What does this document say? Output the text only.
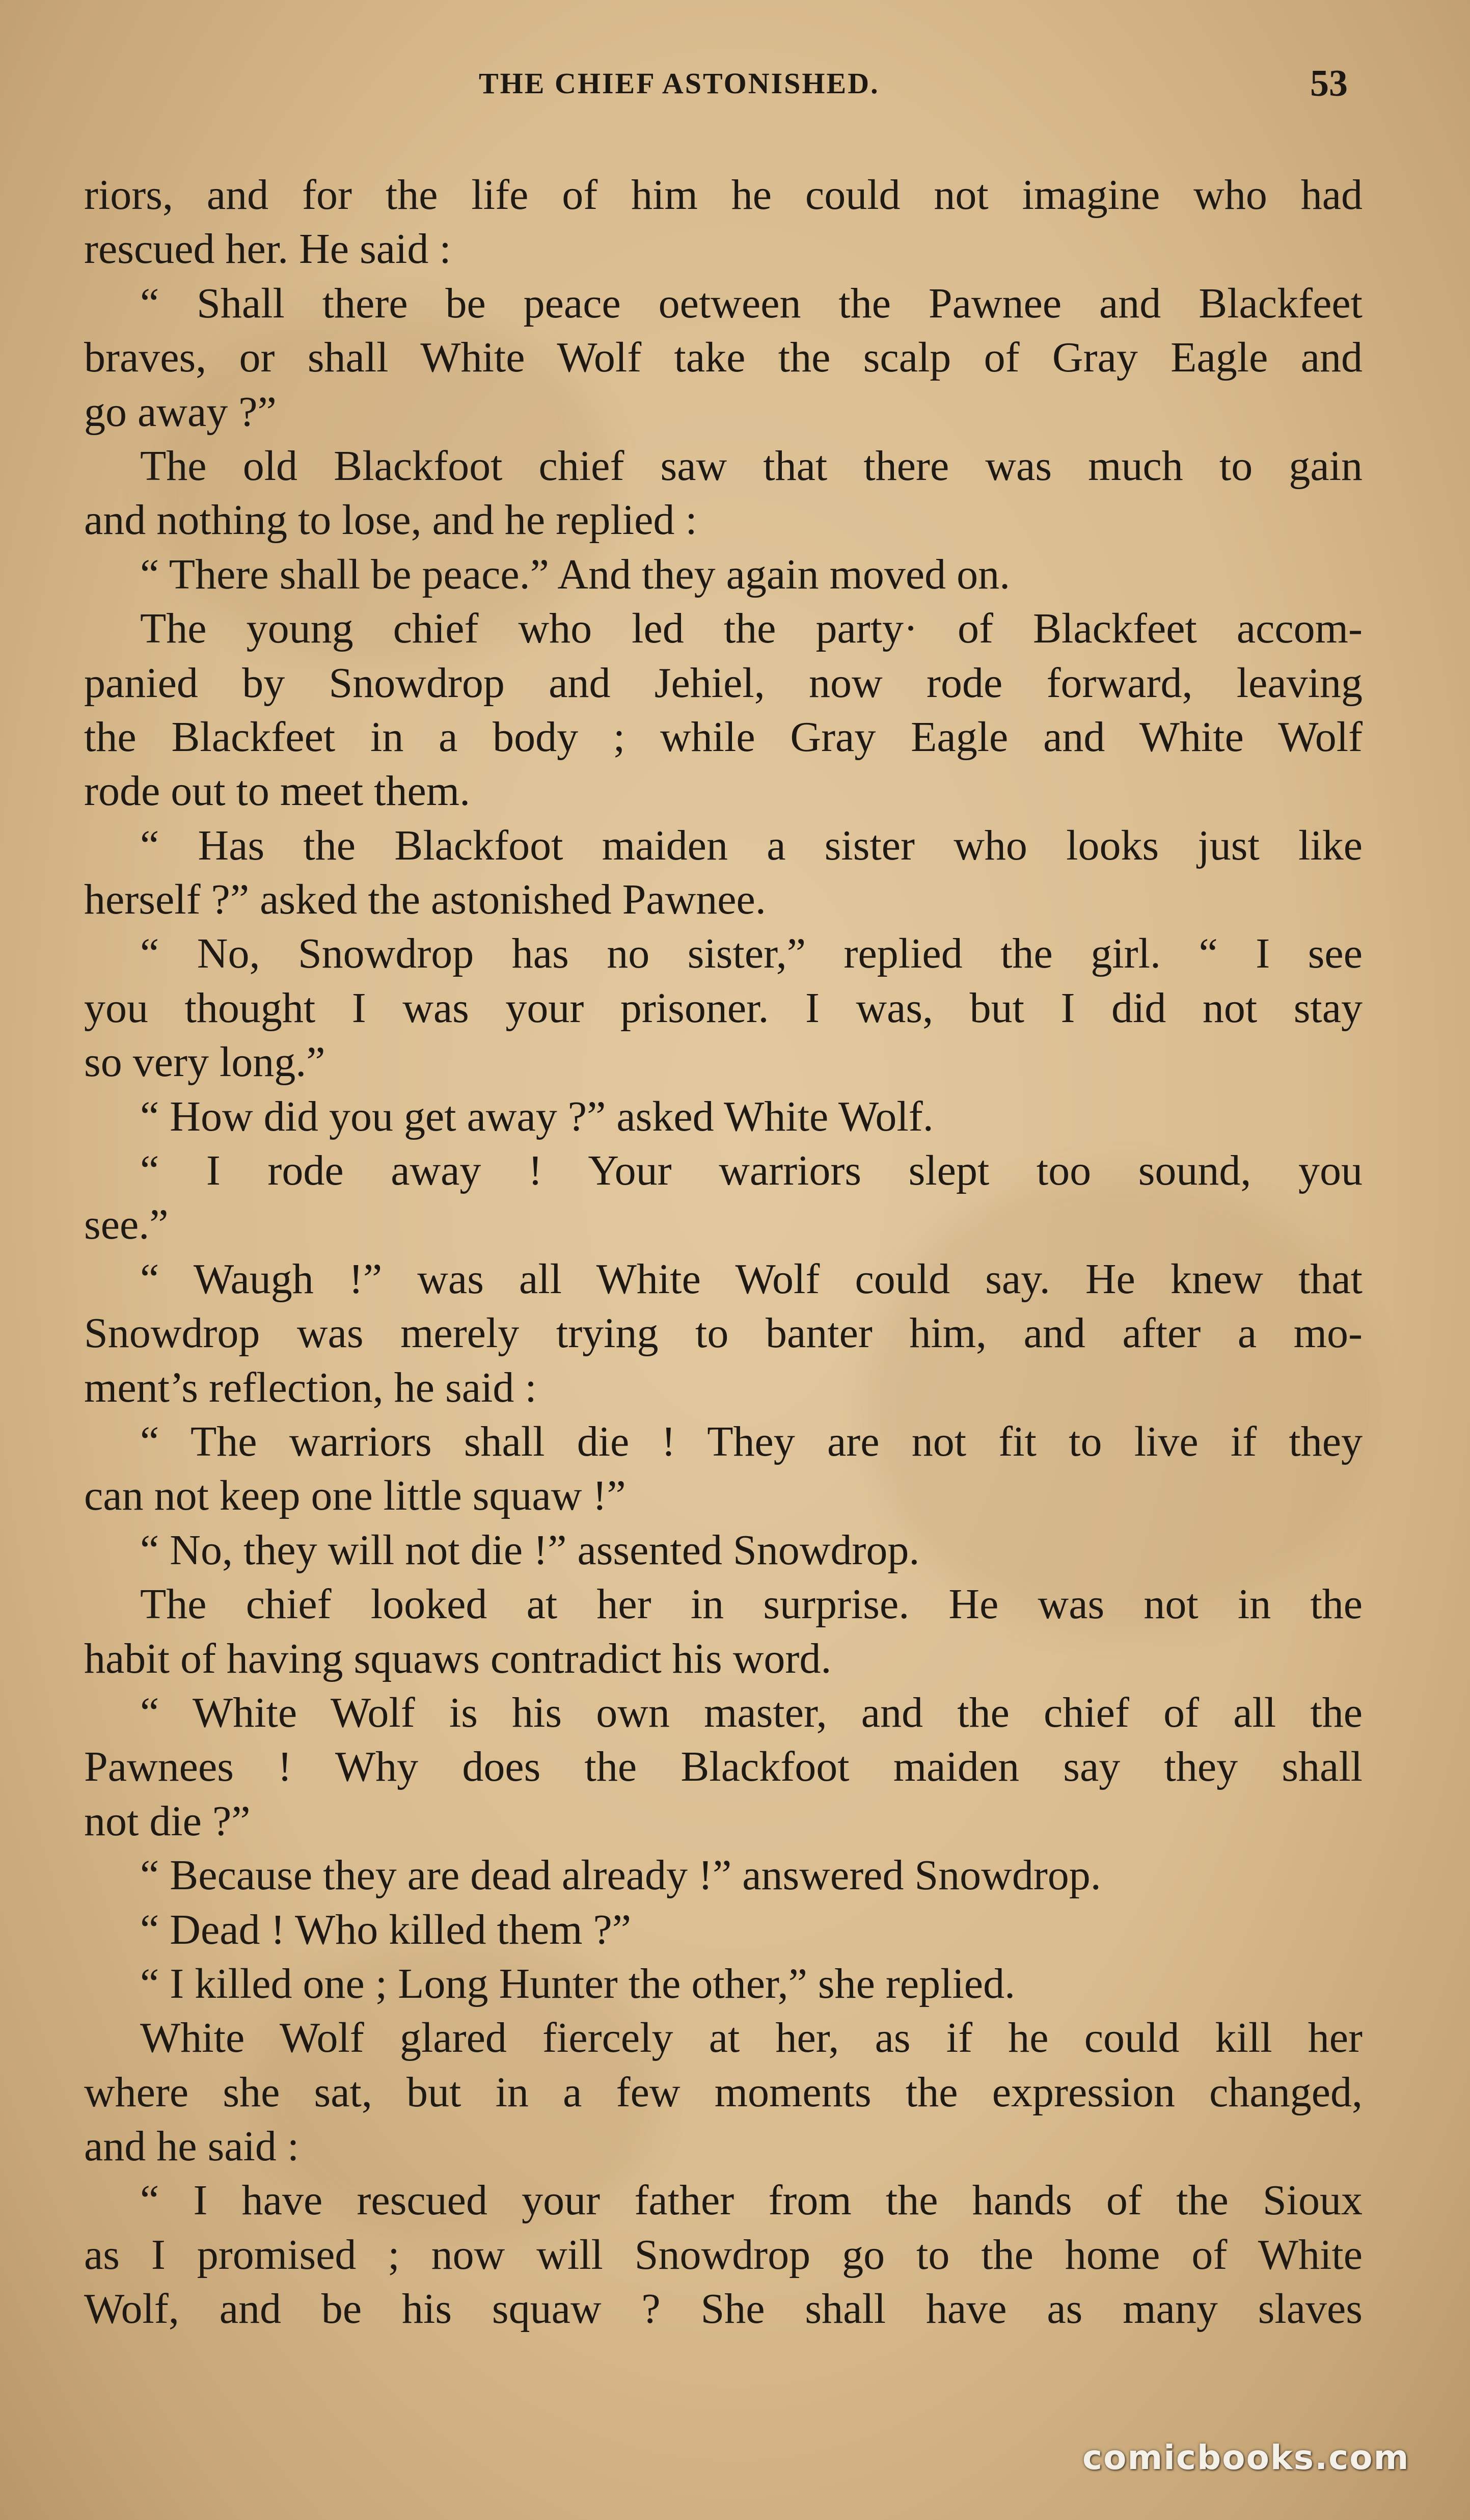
THE CHIEF ASTONISHED.	53
riors, and for the life of him he could not imagine who had
rescued her. He said :
“ Shall there be peace oetween the Pawnee and Blackfeet
braves, or shall White Wolf take the scalp of Gray Eagle and
go away ?”
The old Blackfoot chief saw that there was much to gain
and nothing to lose, and he replied :
“ There shall be peace.” And they again moved on.
The young chief who led the party· of Blackfeet accom-
panied by Snowdrop and Jehiel, now rode forward, leaving
the Blackfeet in a body ; while Gray Eagle and White Wolf
rode out to meet them.
“ Has the Blackfoot maiden a sister who looks just like
herself ?” asked the astonished Pawnee.
“ No, Snowdrop has no sister,” replied the girl. “ I see
you thought I was your prisoner. I was, but I did not stay
so very long.”
“ How did you get away ?” asked White Wolf.
“ I rode away ! Your warriors slept too sound, you
see.”
“ Waugh !” was all White Wolf could say. He knew that
Snowdrop was merely trying to banter him, and after a mo-
ment’s reflection, he said :
“ The warriors shall die ! They are not fit to live if they
can not keep one little squaw !”
“ No, they will not die !” assented Snowdrop.
The chief looked at her in surprise. He was not in the
habit of having squaws contradict his word.
“ White Wolf is his own master, and the chief of all the
Pawnees ! Why does the Blackfoot maiden say they shall
not die ?”
“ Because they are dead already !” answered Snowdrop.
“ Dead ! Who killed them ?”
“ I killed one ; Long Hunter the other,” she replied.
White Wolf glared fiercely at her, as if he could kill her
where she sat, but in a few moments the expression changed,
and he said :
“ I have rescued your father from the hands of the Sioux
as I promised ; now will Snowdrop go to the home of White
Wolf, and be his squaw ? She shall have as many slaves
comicbooks.com
